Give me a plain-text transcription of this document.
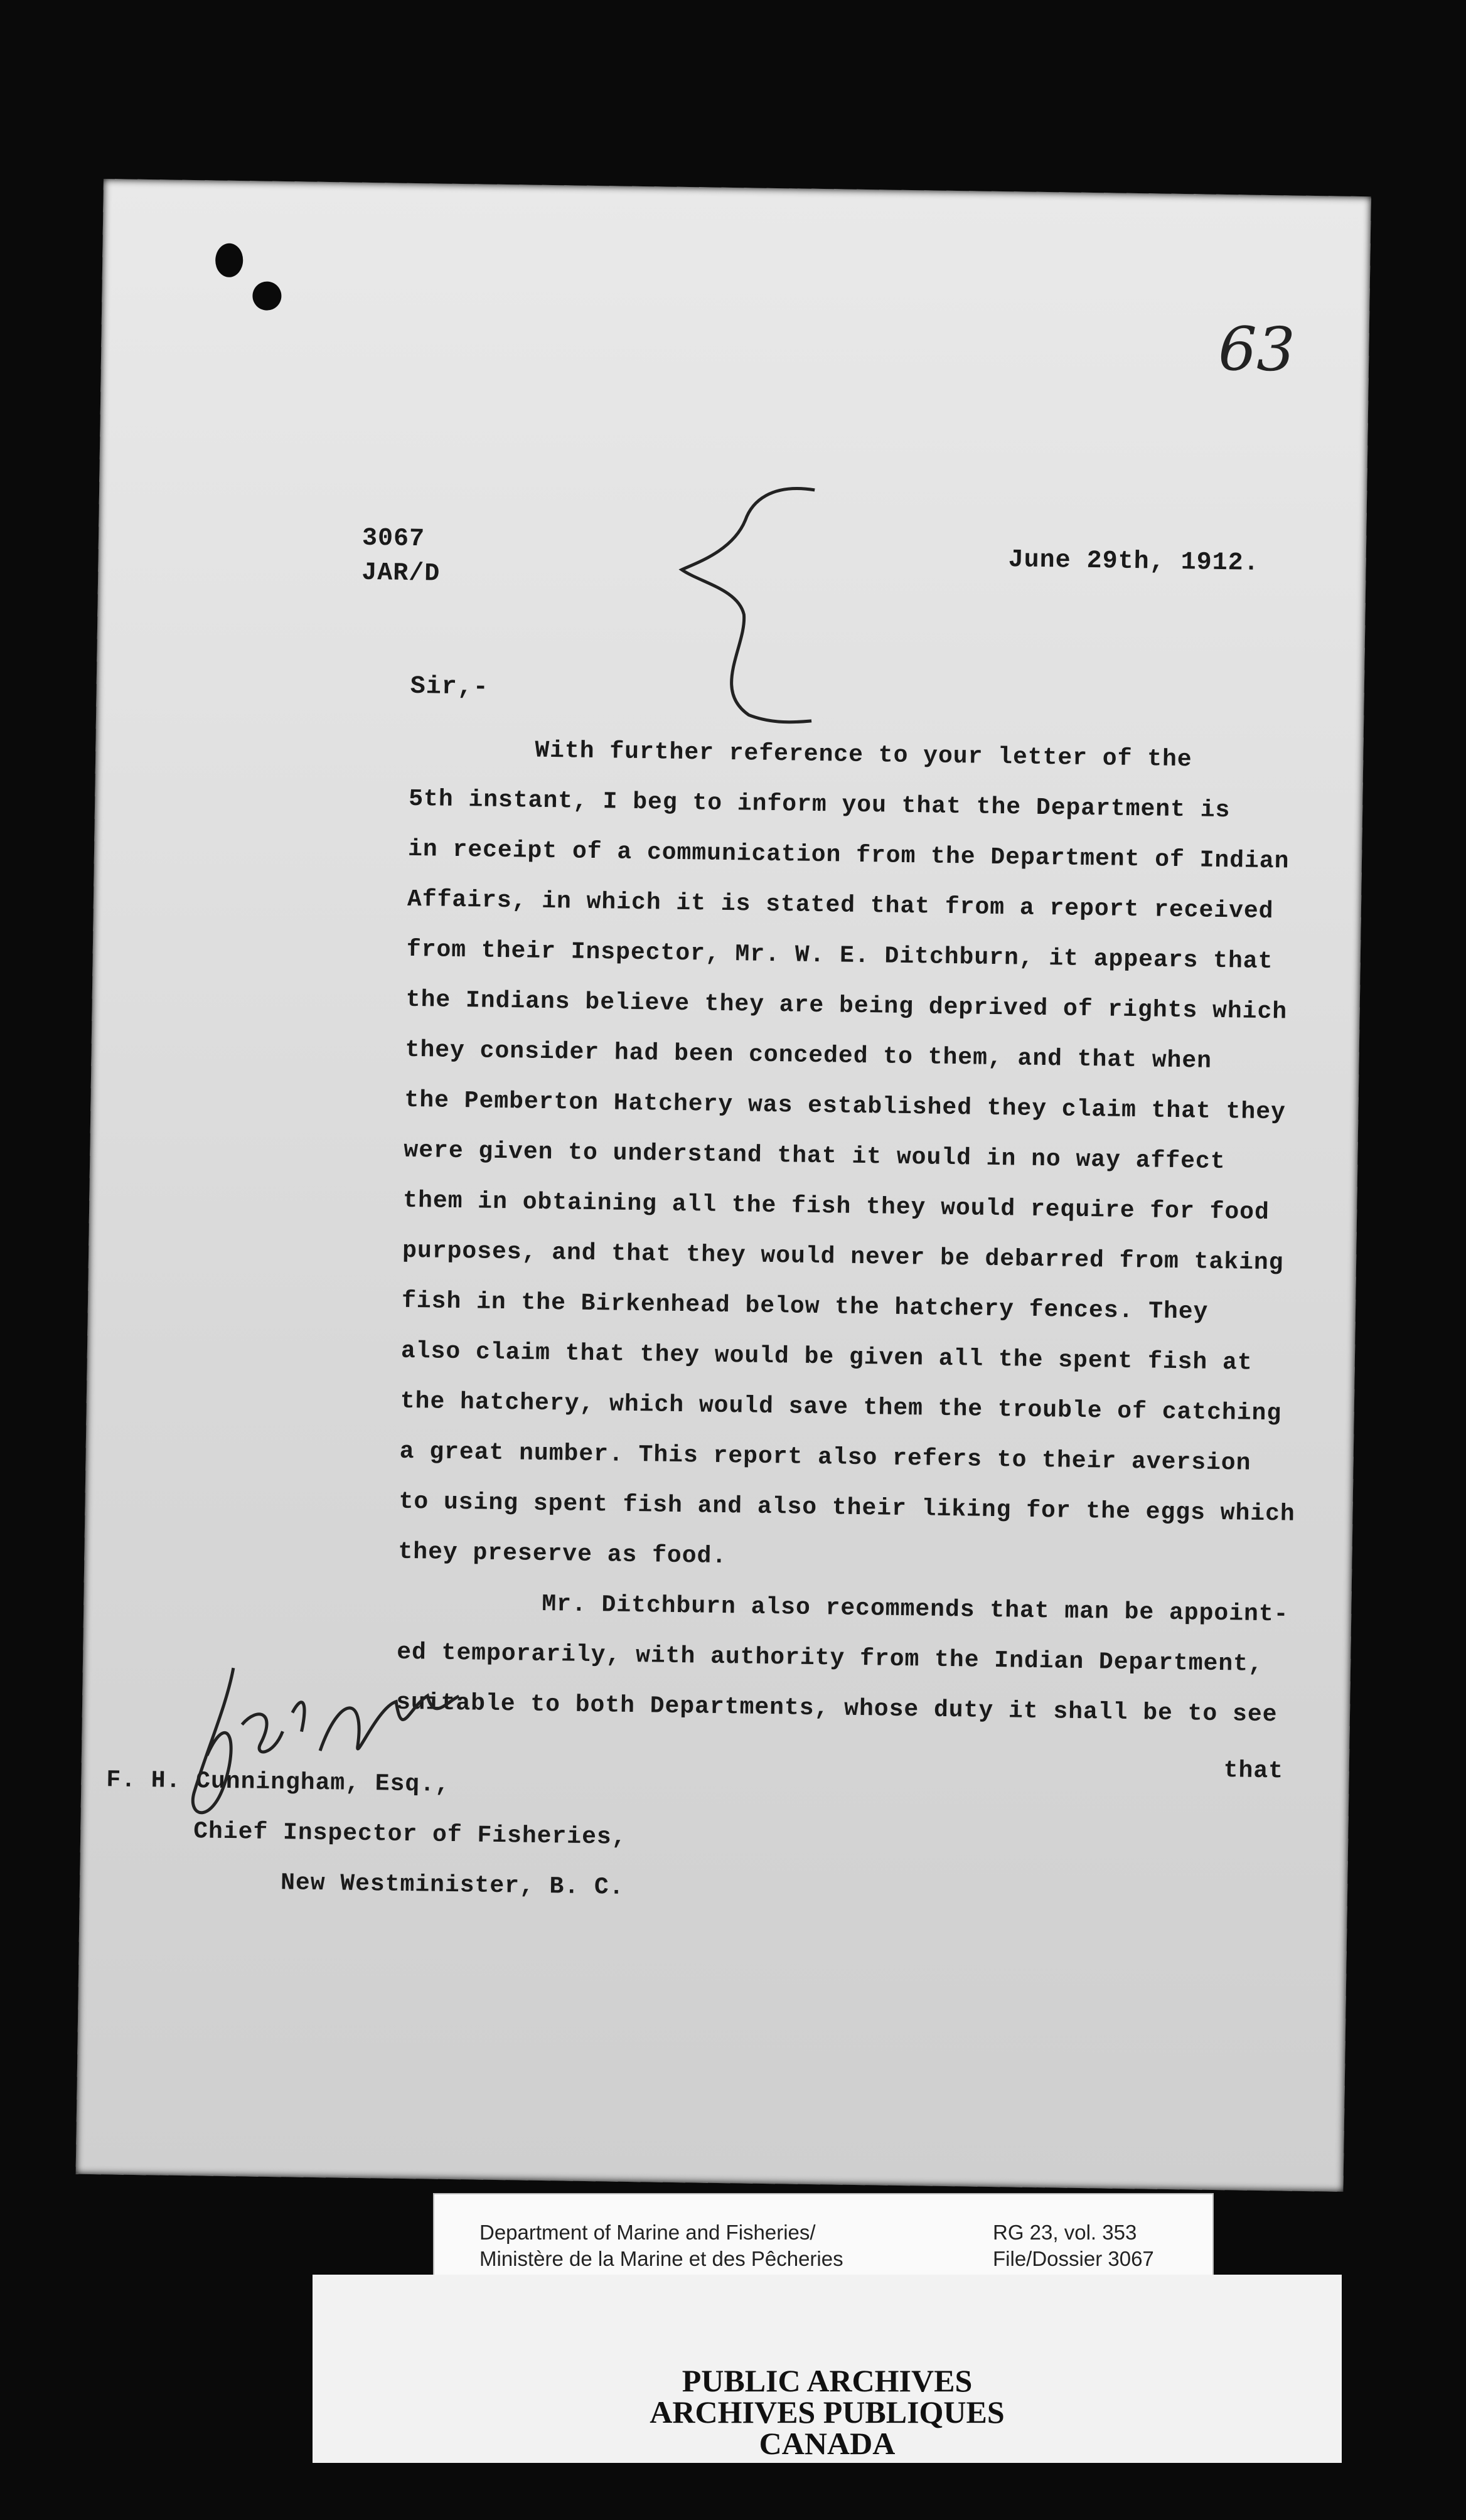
63
3067
JAR/D	June 29th, 1912.
Sir,-
With further reference to your letter of the
5th instant, I beg to inform you that the Department is
in receipt of a communication from the Department of Indian
Affairs, in which it is stated that from a report received
from their Inspector, Mr. W. E. Ditchburn, it appears that
the Indians believe they are being deprived of rights which
they consider had been conceded to them, and that when
the Pemberton Hatchery was established they claim that they
were given to understand that it would in no way affect
them in obtaining all the fish they would require for food
purposes, and that they would never be debarred from taking
fish in the Birkenhead below the hatchery fences. They
also claim that they would be given all the spent fish at
the hatchery, which would save them the trouble of catching
a great number. This report also refers to their aversion
to using spent fish and also their liking for the eggs which
they preserve as food.
Mr. Ditchburn also recommends that man be appoint-
ed temporarily, with authority from the Indian Department,
suitable to both Departments, whose duty it shall be to see
that
F. H. Cunningham, Esq.,
Chief Inspector of Fisheries,
New Westminister, B. C.
Department of Marine and Fisheries/
Ministère de la Marine et des Pêcheries
RG 23, vol. 353
File/Dossier 3067
PUBLIC ARCHIVES
ARCHIVES PUBLIQUES
CANADA
